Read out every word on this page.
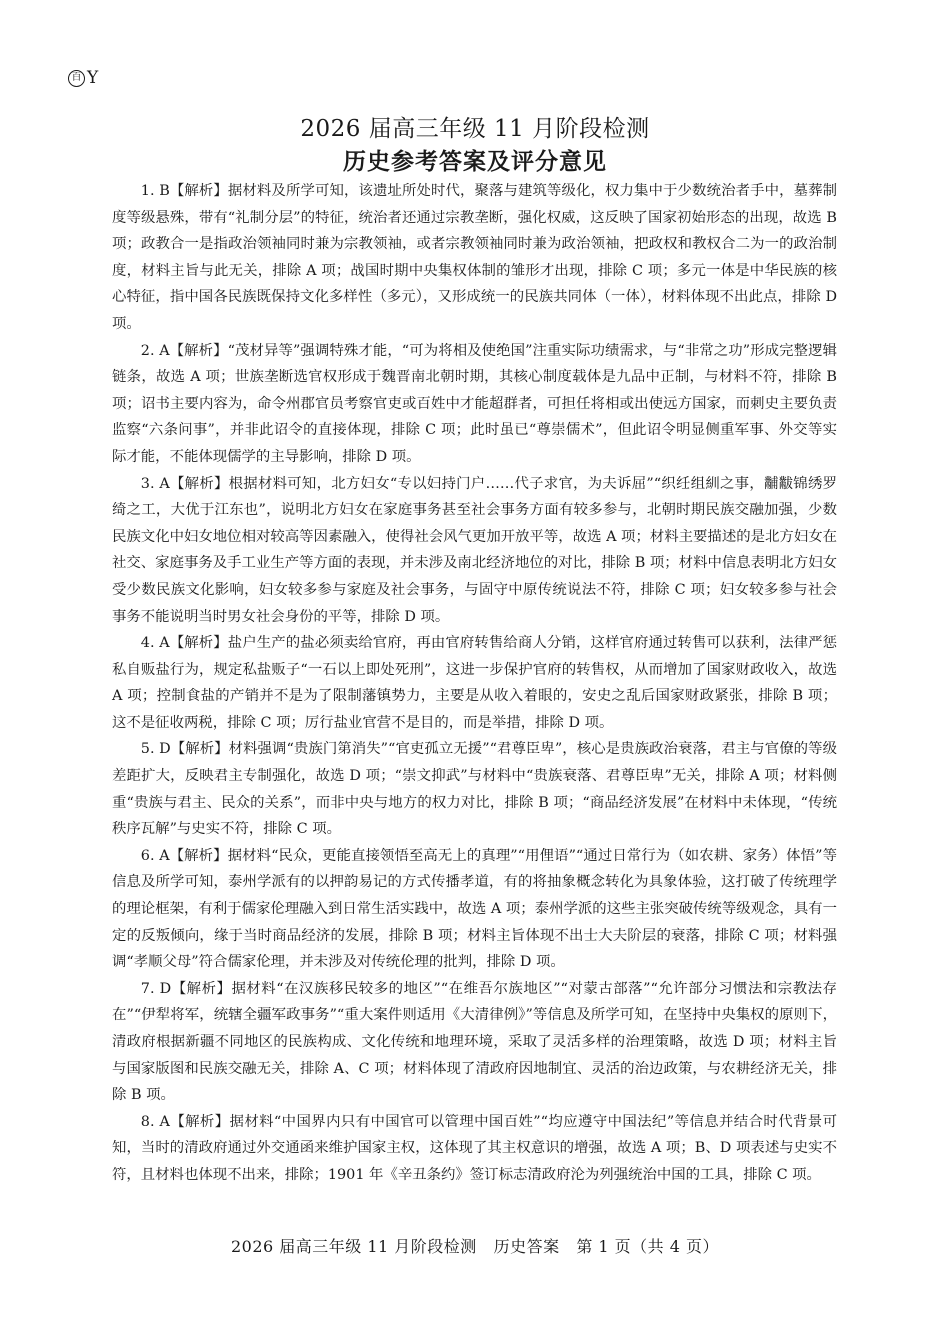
百 Y
2026 届高三年级 11 月阶段检测
历史参考答案及评分意见

1. B【解析】据材料及所学可知，该遗址所处时代，聚落与建筑等级化，权力集中于少数统治者手中，墓葬制度等级悬殊，带有“礼制分层”的特征，统治者还通过宗教垄断，强化权威，这反映了国家初始形态的出现，故选 B 项；政教合一是指政治领袖同时兼为宗教领袖，或者宗教领袖同时兼为政治领袖，把政权和教权合二为一的政治制度，材料主旨与此无关，排除 A 项；战国时期中央集权体制的雏形才出现，排除 C 项；多元一体是中华民族的核心特征，指中国各民族既保持文化多样性（多元），又形成统一的民族共同体（一体），材料体现不出此点，排除 D 项。

2. A【解析】“茂材异等”强调特殊才能，“可为将相及使绝国”注重实际功绩需求，与“非常之功”形成完整逻辑链条，故选 A 项；世族垄断选官权形成于魏晋南北朝时期，其核心制度载体是九品中正制，与材料不符，排除 B 项；诏书主要内容为，命令州郡官员考察官吏或百姓中才能超群者，可担任将相或出使远方国家，而刺史主要负责监察“六条问事”，并非此诏令的直接体现，排除 C 项；此时虽已“尊崇儒术”，但此诏令明显侧重军事、外交等实际才能，不能体现儒学的主导影响，排除 D 项。

3. A【解析】根据材料可知，北方妇女“专以妇持门户……代子求官，为夫诉屈”“织纴组紃之事，黼黻锦绣罗绮之工，大优于江东也”，说明北方妇女在家庭事务甚至社会事务方面有较多参与，北朝时期民族交融加强，少数民族文化中妇女地位相对较高等因素融入，使得社会风气更加开放平等，故选 A 项；材料主要描述的是北方妇女在社交、家庭事务及手工业生产等方面的表现，并未涉及南北经济地位的对比，排除 B 项；材料中信息表明北方妇女受少数民族文化影响，妇女较多参与家庭及社会事务，与固守中原传统说法不符，排除 C 项；妇女较多参与社会事务不能说明当时男女社会身份的平等，排除 D 项。

4. A【解析】盐户生产的盐必须卖给官府，再由官府转售给商人分销，这样官府通过转售可以获利，法律严惩私自贩盐行为，规定私盐贩子“一石以上即处死刑”，这进一步保护官府的转售权，从而增加了国家财政收入，故选 A 项；控制食盐的产销并不是为了限制藩镇势力，主要是从收入着眼的，安史之乱后国家财政紧张，排除 B 项；这不是征收两税，排除 C 项；厉行盐业官营不是目的，而是举措，排除 D 项。

5. D【解析】材料强调“贵族门第消失”“官吏孤立无援”“君尊臣卑”，核心是贵族政治衰落，君主与官僚的等级差距扩大，反映君主专制强化，故选 D 项；“崇文抑武”与材料中“贵族衰落、君尊臣卑”无关，排除 A 项；材料侧重“贵族与君主、民众的关系”，而非中央与地方的权力对比，排除 B 项；“商品经济发展”在材料中未体现，“传统秩序瓦解”与史实不符，排除 C 项。

6. A【解析】据材料“民众，更能直接领悟至高无上的真理”“用俚语”“通过日常行为（如农耕、家务）体悟”等信息及所学可知，泰州学派有的以押韵易记的方式传播孝道，有的将抽象概念转化为具象体验，这打破了传统理学的理论框架，有利于儒家伦理融入到日常生活实践中，故选 A 项；泰州学派的这些主张突破传统等级观念，具有一定的反叛倾向，缘于当时商品经济的发展，排除 B 项；材料主旨体现不出士大夫阶层的衰落，排除 C 项；材料强调“孝顺父母”符合儒家伦理，并未涉及对传统伦理的批判，排除 D 项。

7. D【解析】据材料“在汉族移民较多的地区”“在维吾尔族地区”“对蒙古部落”“允许部分习惯法和宗教法存在”“伊犁将军，统辖全疆军政事务”“重大案件则适用《大清律例》”等信息及所学可知，在坚持中央集权的原则下，清政府根据新疆不同地区的民族构成、文化传统和地理环境，采取了灵活多样的治理策略，故选 D 项；材料主旨与国家版图和民族交融无关，排除 A、C 项；材料体现了清政府因地制宜、灵活的治边政策，与农耕经济无关，排除 B 项。

8. A【解析】据材料“中国界内只有中国官可以管理中国百姓”“均应遵守中国法纪”等信息并结合时代背景可知，当时的清政府通过外交通函来维护国家主权，这体现了其主权意识的增强，故选 A 项；B、D 项表述与史实不符，且材料也体现不出来，排除；1901 年《辛丑条约》签订标志清政府沦为列强统治中国的工具，排除 C 项。

2026 届高三年级 11 月阶段检测   历史答案   第 1 页（共 4 页）
